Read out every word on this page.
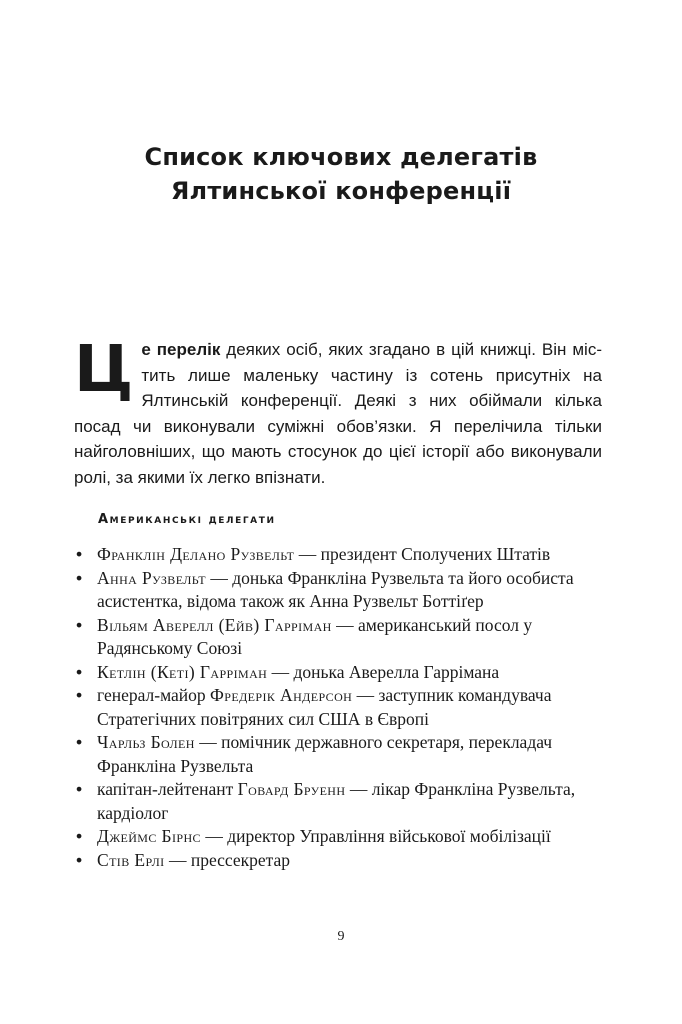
Список ключових делегатів
Ялтинської конференції

Це перелік деяких осіб, яких згадано в цій книжці. Він містить лише маленьку частину із сотень присутніх на Ялтинській конференції. Деякі з них обіймали кілька посад чи виконували суміжні обов’язки. Я перелічила тільки найголовніших, що мають стосунок до цієї історії або виконували ролі, за якими їх легко впізнати.

Американські делегати
• Франклін Делано Рузвельт — президент Сполучених Штатів
• Анна Рузвельт — донька Франкліна Рузвельта та його особиста асистентка, відома також як Анна Рузвельт Боттіґер
• Вільям Аверелл (Ейв) Гарріман — американський посол у Радянському Союзі
• Кетлін (Кеті) Гарріман — донька Аверелла Гаррімана
• генерал-майор Фредерік Андерсон — заступник командувача Стратегічних повітряних сил США в Європі
• Чарльз Болен — помічник державного секретаря, перекладач Франкліна Рузвельта
• капітан-лейтенант Говард Бруенн — лікар Франкліна Рузвельта, кардіолог
• Джеймс Бірнс — директор Управління військової мобілізації
• Стів Ерлі — прессекретар
9
